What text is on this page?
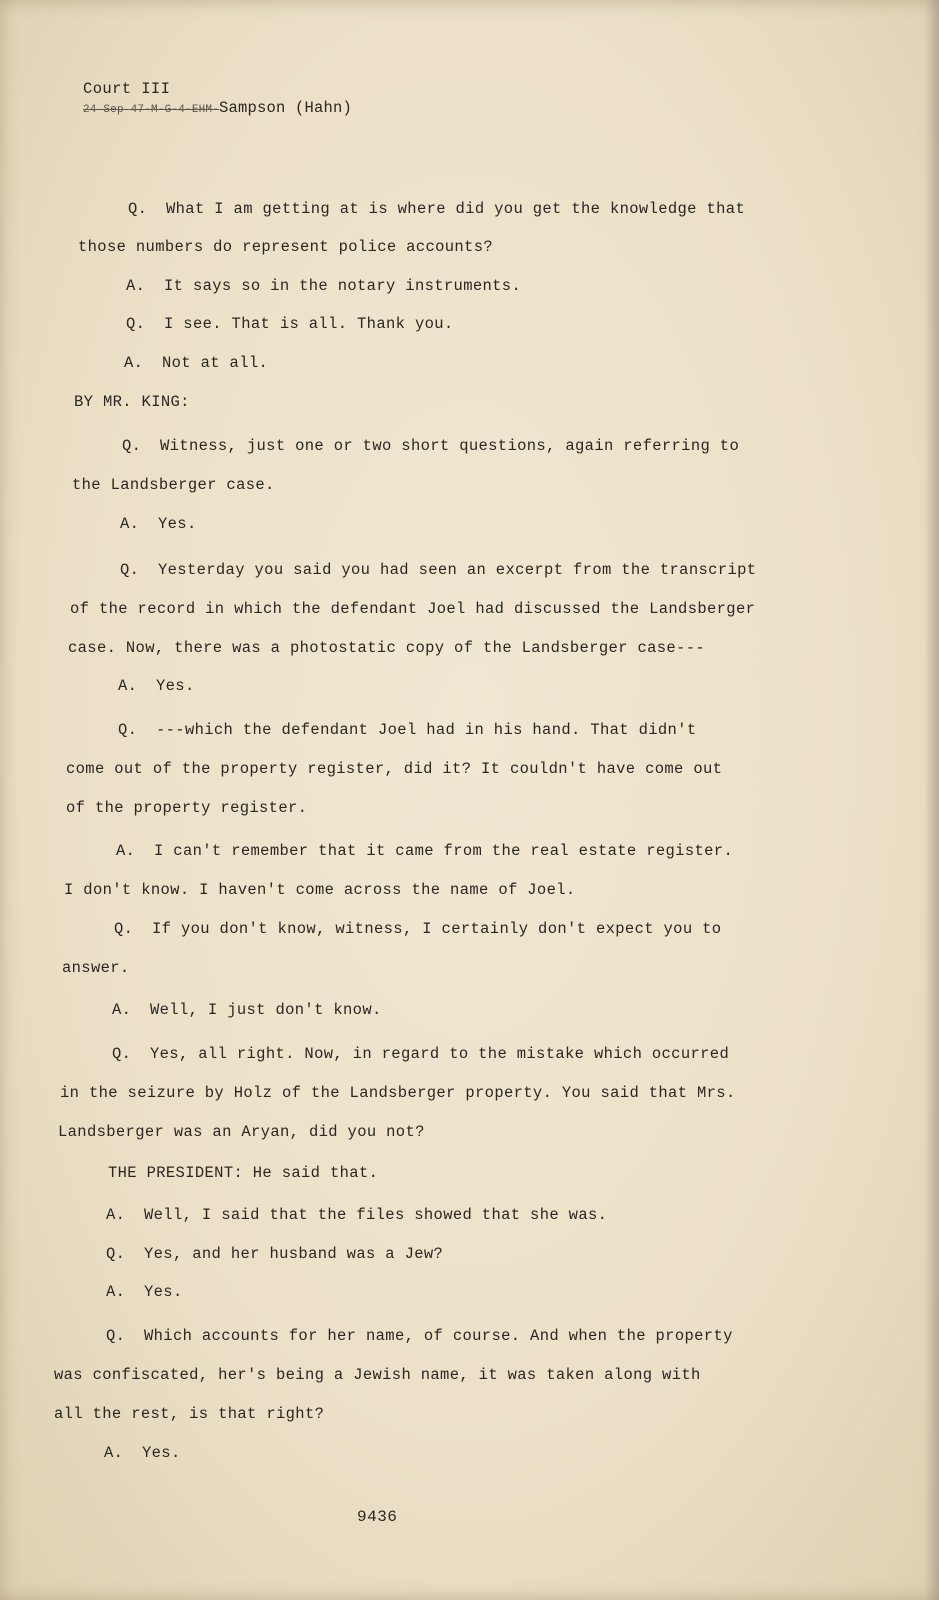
Court III
24 Sep 47-M-G-4-EHM-Sampson (Hahn)
Q. What I am getting at is where did you get the knowledge that
those numbers do represent police accounts?
A. It says so in the notary instruments.
Q. I see. That is all. Thank you.
A. Not at all.
BY MR. KING:
Q. Witness, just one or two short questions, again referring to
the Landsberger case.
A. Yes.
Q. Yesterday you said you had seen an excerpt from the transcript
of the record in which the defendant Joel had discussed the Landsberger
case. Now, there was a photostatic copy of the Landsberger case---
A. Yes.
Q. ---which the defendant Joel had in his hand. That didn't
come out of the property register, did it? It couldn't have come out
of the property register.
A. I can't remember that it came from the real estate register.
I don't know. I haven't come across the name of Joel.
Q. If you don't know, witness, I certainly don't expect you to
answer.
A. Well, I just don't know.
Q. Yes, all right. Now, in regard to the mistake which occurred
in the seizure by Holz of the Landsberger property. You said that Mrs.
Landsberger was an Aryan, did you not?
THE PRESIDENT: He said that.
A. Well, I said that the files showed that she was.
Q. Yes, and her husband was a Jew?
A. Yes.
Q. Which accounts for her name, of course. And when the property
was confiscated, her's being a Jewish name, it was taken along with
all the rest, is that right?
A. Yes.
9436
